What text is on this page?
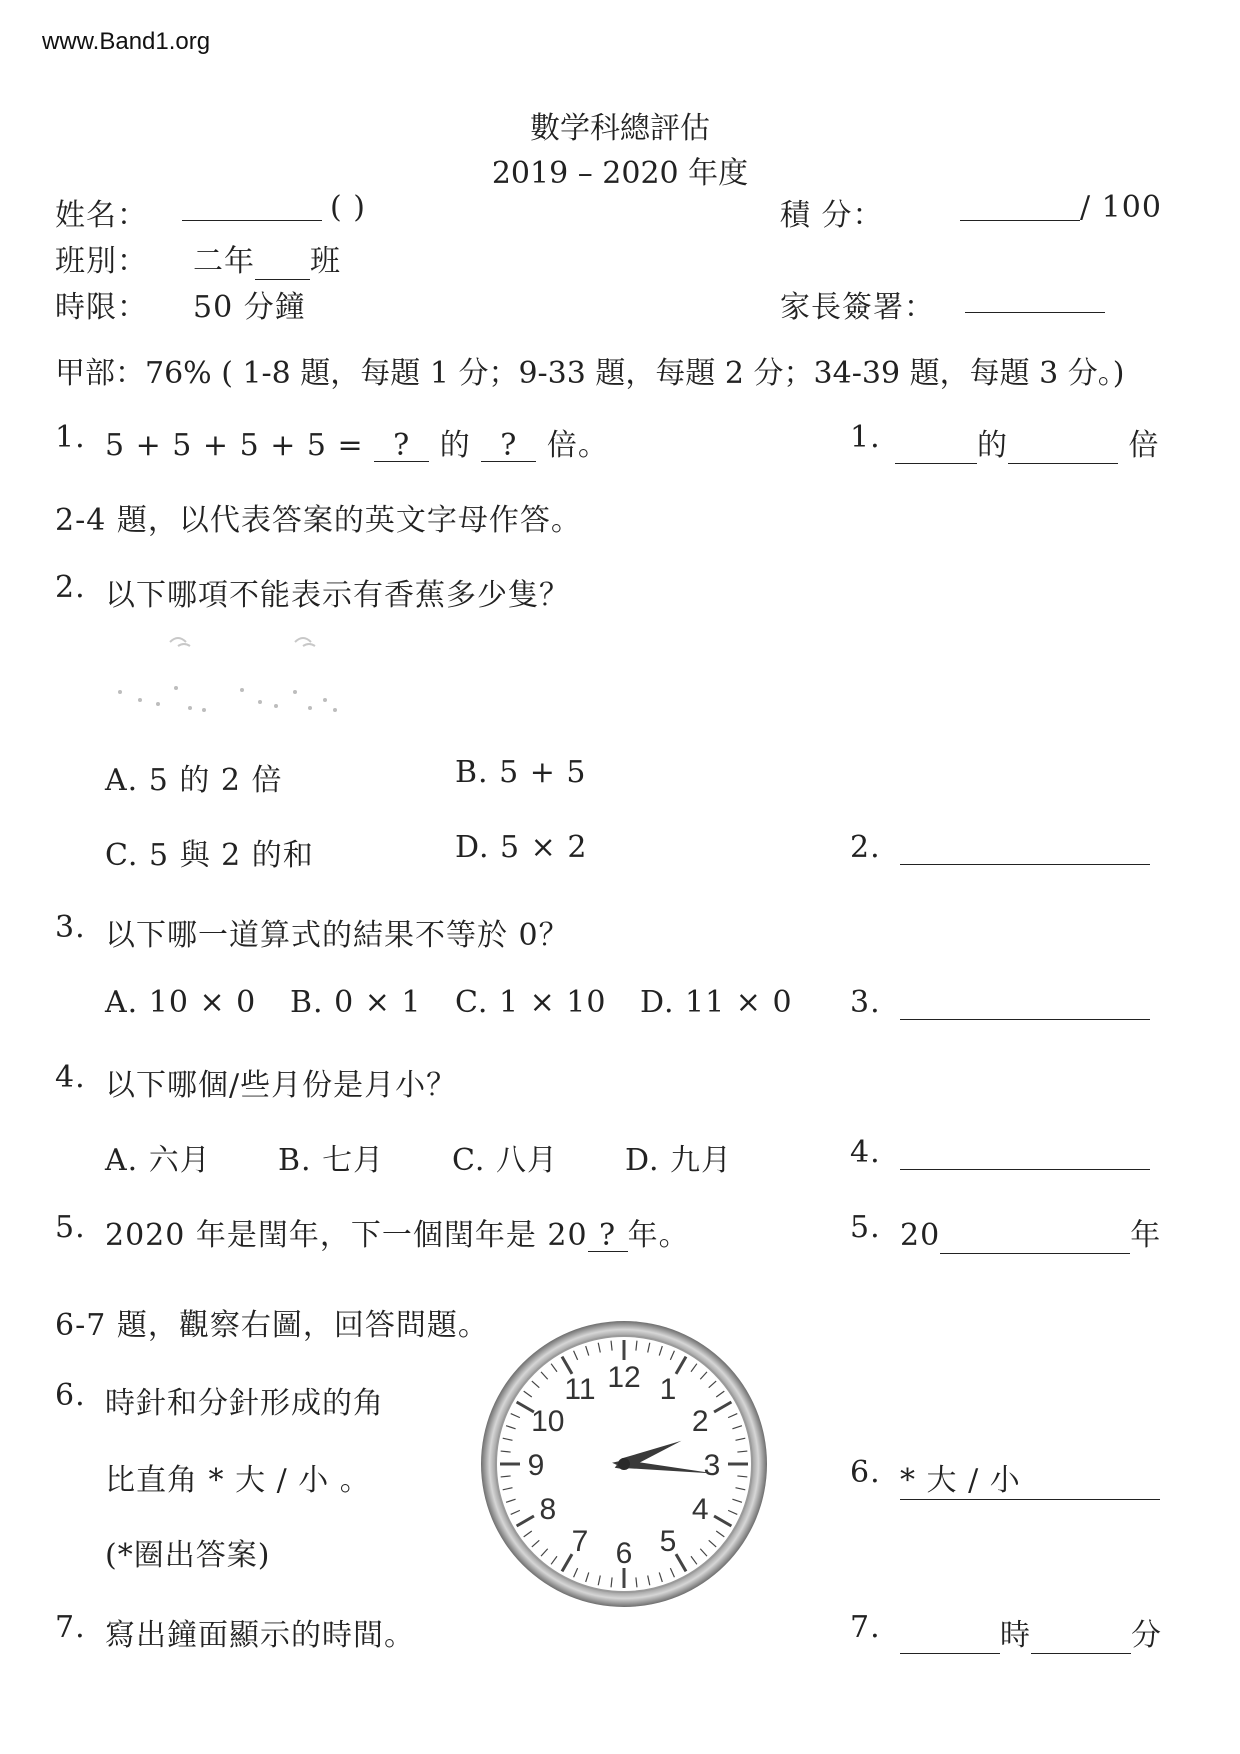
www.Band1.org
數学科總評估
2019 – 2020 年度
姓名：	( )	積 分：	/ 100
班別： 二年 班
時限： 50 分鐘	家長簽署：
甲部：76% ( 1-8 題，每題 1 分；9-33 題，每題 2 分；34-39 題，每題 3 分。)
1. 5 + 5 + 5 + 5 = ? 的 ? 倍。	1.	的	倍
2-4 題，以代表答案的英文字母作答。
2. 以下哪項不能表示有香蕉多少隻？
A. 5 的 2 倍	B. 5 + 5
C. 5 與 2 的和	D. 5 × 2	2.
3. 以下哪一道算式的結果不等於 0？
A. 10 × 0 B. 0 × 1 C. 1 × 10 D. 11 × 0 3.
4. 以下哪個/些月份是月小？
A. 六月 B. 七月 C. 八月 D. 九月	4.
5. 2020 年是閏年，下一個閏年是 20 ? 年。	5. 20	年
6-7 題，觀察右圖，回答問題。
6. 時針和分針形成的角
比直角 * 大 / 小 。
(*圈出答案)
6. * 大 / 小
12 1
2
3
4
5
6
7
8
9
10
11
7. 寫出鐘面顯示的時間。	7.	時	分
